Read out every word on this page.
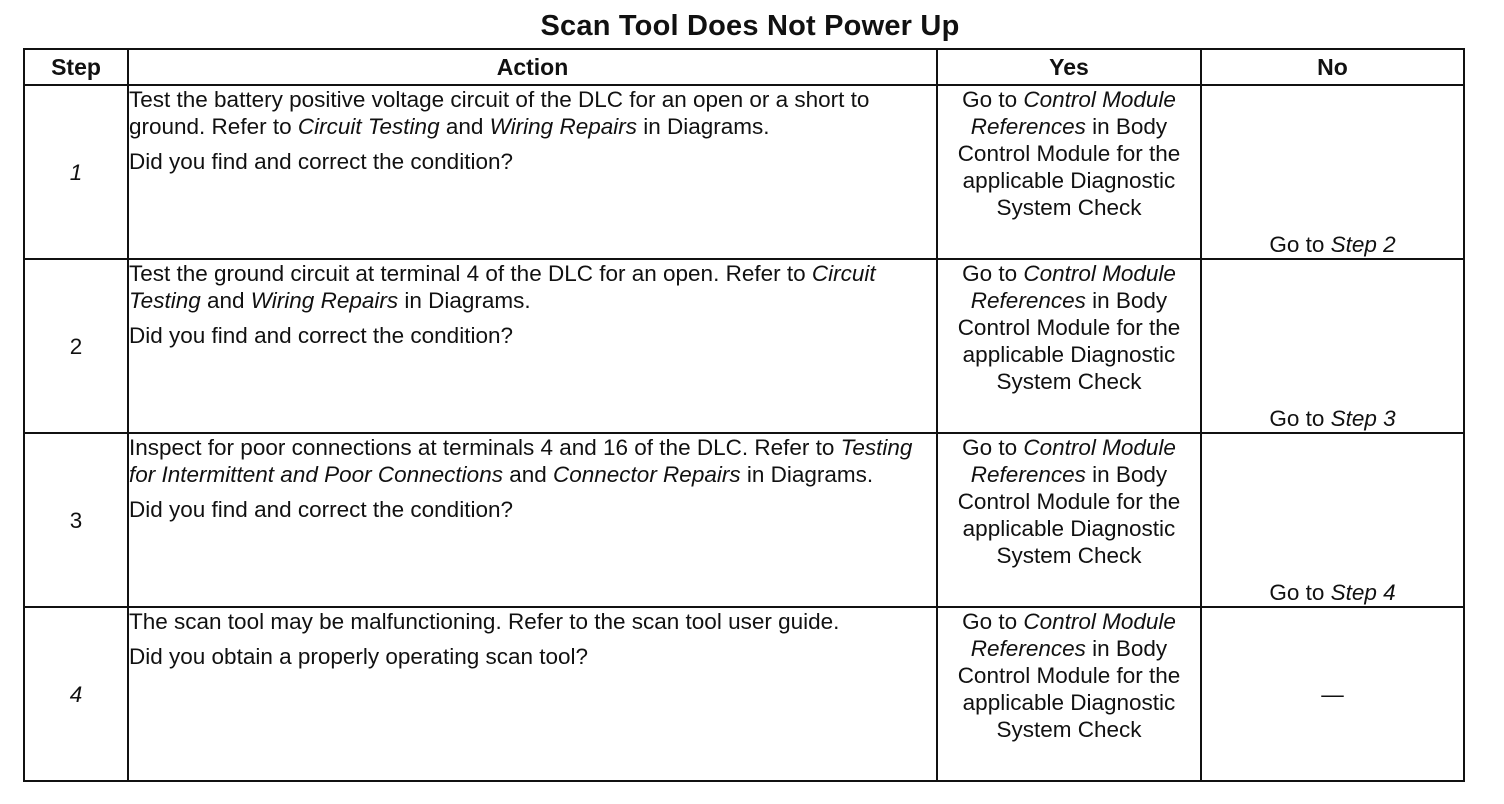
Scan Tool Does Not Power Up
Step	Action	Yes	No
1	Test the battery positive voltage circuit of the DLC for an open or a short to ground. Refer to Circuit Testing and Wiring Repairs in Diagrams.

Did you find and correct the condition?	Go to Control Module References in Body Control Module for the applicable Diagnostic System Check	Go to Step 2
2	Test the ground circuit at terminal 4 of the DLC for an open. Refer to Circuit Testing and Wiring Repairs in Diagrams.

Did you find and correct the condition?	Go to Control Module References in Body Control Module for the applicable Diagnostic System Check	Go to Step 3
3	Inspect for poor connections at terminals 4 and 16 of the DLC. Refer to Testing for Intermittent and Poor Connections and Connector Repairs in Diagrams.

Did you find and correct the condition?	Go to Control Module References in Body Control Module for the applicable Diagnostic System Check	Go to Step 4
4	The scan tool may be malfunctioning. Refer to the scan tool user guide.

Did you obtain a properly operating scan tool?	Go to Control Module References in Body Control Module for the applicable Diagnostic System Check	—
